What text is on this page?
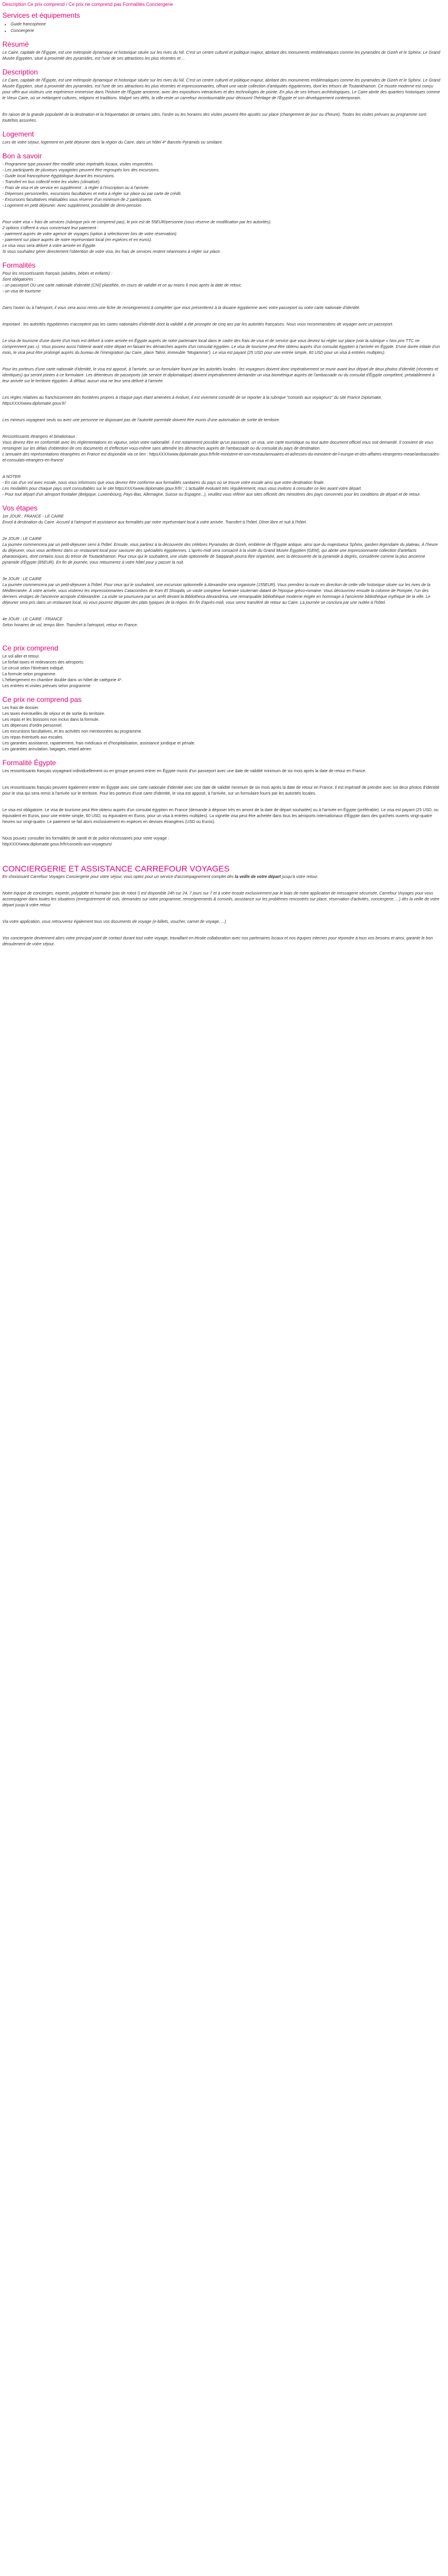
Description Ce prix comprend / Ce prix ne comprend pas Formalités Conciergerie
Services et équipements
• Guide francophone
• Conciergerie
Résumé

Le Caire, capitale de l'Égypte, est une métropole dynamique et historique située sur les rives du Nil. C'est un centre culturel et politique majeur, abritant des monuments emblématiques comme les pyramides de Gizeh et le Sphinx. Le Grand Musée Égyptien, situé à proximité des pyramides, est l'une de ses attractions les plus récentes et ...

Description

Le Caire, capitale de l'Égypte, est une métropole dynamique et historique située sur les rives du Nil. C'est un centre culturel et politique majeur, abritant des monuments emblématiques comme les pyramides de Gizeh et le Sphinx. Le Grand Musée Égyptien, situé à proximité des pyramides, est l'une de ses attractions les plus récentes et impressionnantes, offrant une vaste collection d'antiquités égyptiennes, dont les trésors de Toutankhamon. Ce musée moderne est conçu pour offrir aux visiteurs une expérience immersive dans l'histoire de l'Égypte ancienne, avec des expositions interactives et des technologies de pointe. En plus de ses trésors archéologiques, Le Caire abrite des quartiers historiques comme le Vieux Caire, où se mélangent cultures, religions et traditions. Malgré ses défis, la ville reste un carrefour incontournable pour découvrir l'héritage de l'Égypte et son développement contemporain.

En raison de la grande popularité de la destination et la fréquentation de certains sites, l'ordre ou les horaires des visites peuvent être ajustés sur place (changement de jour ou d'heure). Toutes les visites prévues au programme sont toutefois assurées.

Logement

Lors de votre séjour, logement en petit déjeuner dans la région du Caire, dans un hôtel 4* Barcelo Pyramids ou similaire.

Bon à savoir

- Programme type pouvant être modifié selon impératifs locaux, visites respectées.

- Les participants de plusieurs voyagistes peuvent être regroupés lors des excursions.

- Guide local francophone égyptologue durant les excursions.

- Transfert en bus collectif entre les visites (climatisé).

- Frais de visa et de service en supplément : à régler à l'inscription ou à l'arrivée.

- Dépenses personnelles, excursions facultatives et extra à régler sur place ou par carte de crédit.

- Excursions facultatives réalisables sous réserve d'un minimum de 2 participants.

- Logement en petit déjeuner. Avec supplément, possibilité de demi-pension.

Pour votre visa « frais de services (rubrique prix ne comprend pas), le prix est de 55EUR/personne (sous réserve de modification par les autorités).

2 options s'offrent à vous concernant leur paiement :

- paiement auprès de votre agence de voyages (option à sélectionner lors de votre réservation)

- paiement sur place auprès de notre représentant local (en espèces et en euros).

Le visa vous sera délivré à votre arrivée en Égypte.

Si vous souhaitez gérer directement l'obtention de votre visa, les frais de services restent néanmoins à régler sur place.

Formalités

Pour les ressortissants français (adultes, bébés et enfants) :

Sont obligatoires :

- un passeport OU une carte nationale d'identité (CNI) plastifiée, en cours de validité et ce au moins 6 mois après la date de retour,

- un visa de tourisme

Dans l'avion ou à l'aéroport, il vous sera aussi remis une fiche de renseignement à compléter que vous présenterez à la douane égyptienne avec votre passeport ou votre carte nationale d'identité.

Important : les autorités égyptiennes n'acceptent pas les cartes nationales d'identité dont la validité a été prorogée de cinq ans par les autorités françaises. Nous vous recommandons de voyager avec un passeport.

Le visa de tourisme d'une durée d'un mois est délivré à votre arrivée en Égypte auprès de notre partenaire local dans le cadre des frais de visa et de service que vous devrez lui régler sur place (voir la rubrique « Nos prix TTC ne comprennent pas »). Vous pouvez aussi l'obtenir avant votre départ en faisant les démarches auprès d'un consulat égyptien. Le visa de tourisme peut être obtenu auprès d'un consulat égyptien à l'arrivée en Égypte. D'une durée initiale d'un mois, le visa peut être prolongé auprès du bureau de l'immigration (au Caire, place Tahrir, immeuble "Mogamma"). Le visa est payant (25 USD pour une entrée simple, 60 USD pour un visa à entrées multiples).

Pour les porteurs d'une carte nationale d'identité, le visa est apposé, à l'arrivée, sur un formulaire fourni par les autorités locales : les voyageurs doivent donc impérativement se munir avant leur départ de deux photos d'identité (récentes et identiques) qui seront jointes à ce formulaire. Les détenteurs de passeports (de service et diplomatique) doivent impérativement demander un visa biométrique auprès de l'ambassade ou du consulat d'Égypte compétent, préalablement à leur arrivée sur le territoire égyptien. À défaut, aucun visa ne leur sera délivré à l'arrivée.

Les règles relatives au franchissement des frontières propres à chaque pays étant amenées à évoluer, il est vivement conseillé de se reporter à la rubrique "conseils aux voyageurs" du site France Diplomatie, httpsXXXXwww.diplomatie.gouv.fr/

Les mineurs voyageant seuls ou avec une personne ne disposant pas de l'autorité parentale doivent être munis d'une autorisation de sortie de territoire.

Ressortissants étrangers et binationaux :

Vous devrez être en conformité avec les réglementations en vigueur, selon votre nationalité. Il est notamment possible qu'un passeport, un visa, une carte touristique ou tout autre document officiel vous soit demandé. Il convient de vous renseigner sur les délais d'obtention de ces documents et d'effectuer vous-même sans attendre les démarches auprès de l'ambassade ou du consulat du pays de destination.

L'annuaire des représentations étrangères en France est disponible via ce lien : httpsXXXXwww.diplomatie.gouv.fr/fr/le-ministere-et-son-reseau/annuaires-et-adresses-du-ministere-de-l-europe-et-des-affaires-etrangeres-meae/ambassades-et-consulats-etrangers-en-france/

A NOTER

- En cas d'un vol avec escale, nous vous informons que vous devrez être conforme aux formalités sanitaires du pays où se trouve votre escale ainsi que votre destination finale.

Les modalités pour chaque pays sont consultables sur le site httpsXXXXwww.diplomatie.gouv.fr/fr/ ; L'actualité évoluant très régulièrement, nous vous invitons à consulter ce lien avant votre départ.

- Pour tout départ d'un aéroport frontalier (Belgique, Luxembourg, Pays-Bas, Allemagne, Suisse ou Espagne...), veuillez vous référer aux sites officiels des ministères des pays concernés pour les conditions de départ et de retour.

Vos étapes

1er JOUR : FRANCE - LE CAIRE

Envol à destination du Caire. Accueil à l'aéroport et assistance aux formalités par notre représentant local à votre arrivée. Transfert à l'hôtel. Dîner libre et nuit à l'hôtel.

2e JOUR : LE CAIRE

La journée commencera par un petit-déjeuner servi à l'hôtel. Ensuite, vous partirez à la découverte des célèbres Pyramides de Gizeh, emblème de l'Égypte antique, ainsi que du majestueux Sphinx, gardien légendaire du plateau. À l'heure du déjeuner, vous vous arrêterez dans un restaurant local pour savourer des spécialités égyptiennes. L'après-midi sera consacré à la visite du Grand Musée Égyptien (GEM), qui abrite une impressionnante collection d'artefacts pharaoniques, dont certains issus du trésor de Toutankhamon. Pour ceux qui le souhaitent, une visite optionnelle de Saqqarah pourra être organisée, avec la découverte de la pyramide à degrés, considérée comme la plus ancienne pyramide d'Égypte (85EUR). En fin de journée, vous retournerez à votre hôtel pour y passer la nuit.

3e JOUR : LE CAIRE

La journée commencera par un petit-déjeuner à l'hôtel. Pour ceux qui le souhaitent, une excursion optionnelle à Alexandrie sera organisée (155EUR). Vous prendrez la route en direction de cette ville historique située sur les rives de la Méditerranée. À votre arrivée, vous visiterez les impressionnantes Catacombes de Kom El Shoqafa, un vaste complexe funéraire souterrain datant de l'époque gréco-romaine. Vous découvrirez ensuite la colonne de Pompée, l'un des derniers vestiges de l'ancienne acropole d'Alexandrie. La visite se poursuivra par un arrêt devant la Bibliotheca Alexandrina, une remarquable bibliothèque moderne érigée en hommage à l'ancienne bibliothèque mythique de la ville. Le déjeuner sera pris dans un restaurant local, où vous pourrez déguster des plats typiques de la région. En fin d'après-midi, vous serez transféré de retour au Caire. La journée se conclura par une nuitée à l'hôtel.

4e JOUR : LE CAIRE - FRANCE

Selon horaires de vol, temps libre. Transfert à l'aéroport, retour en France.

Ce prix comprend

Le vol aller et retour.

Le forfait taxes et redevances des aéroports.

Le circuit selon l'itinéraire indiqué.

La formule selon programme.

L'hébergement en chambre double dans un hôtel de catégorie 4*.

Les entrées et visites prévues selon programme

Ce prix ne comprend pas

Les frais de dossier.

Les taxes éventuelles de séjour et de sortie du territoire.

Les repas et les boissons non inclus dans la formule.

Les dépenses d'ordre personnel.

Les excursions facultatives, et les activités non mentionnées au programme.

Les repas éventuels aux escales.

Les garanties assistance, rapatriement, frais médicaux et d'hospitalisation, assistance juridique et pénale.

Les garanties annulation, bagages, retard aérien

Formalité Égypte

Les ressortissants français voyageant individuellement ou en groupe peuvent entrer en Égypte munis d'un passeport avec une date de validité minimum de six mois après la date de retour en France.

Les ressortissants français peuvent également entrer en Égypte avec une carte nationale d'identité avec une date de validité minimum de six mois après la date de retour en France. Il est impératif de prendre avec soi deux photos d'identité pour le visa qui sera remis à l'arrivée sur le territoire. Pour les porteurs d'une carte d'identité, le visa est apposé, à l'arrivée, sur un formulaire fourni par les autorités locales.

Le visa est obligatoire. Le visa de tourisme peut être obtenu auprès d'un consulat égyptien en France (demande à déposer très en amont de la date de départ souhaitée) ou à l'arrivée en Égypte (préférable). Le visa est payant (25 USD, ou équivalent en Euros, pour une entrée simple, 60 USD, ou équivalent en Euros, pour un visa à entrées multiples). La vignette visa peut être achetée dans tous les aéroports internationaux d'Égypte dans des guichets ouverts vingt-quatre heures sur vingt-quatre. Le paiement se fait alors exclusivement en espèces en devises étrangères (USD ou Euros).

Nous pouvez consulter les formalités de santé et de police nécessaires pour votre voyage :

httpXXXXwww.diplomatie.gouv.fr/fr/conseils-aux-voyageurs/

CONCIERGERIE ET ASSISTANCE CARREFOUR VOYAGES

En choisissant Carrefour Voyages Conciergerie pour votre séjour, vous optez pour un service d'accompagnement complet dès la veille de votre départ jusqu'à votre retour.

Notre équipe de concierges, experte, polyglotte et humaine (pas de robot !) est disponible 24h sur 24, 7 jours sur 7 et à votre écoute exclusivement par le biais de notre application de messagerie sécurisée, Carrefour Voyages pour vous accompagner dans toutes les situations (enregistrement de vols, demandes sur votre programme, renseignements & conseils, assistance sur les problèmes rencontrés sur place, réservation d'activités, conciergerie, ...) dès la veille de votre départ jusqu'à votre retour.

Via votre application, vous retrouverez également tous vos documents de voyage (e-billets, voucher, carnet de voyage, ...)

Vos conciergerie deviennent alors votre principal point de contact durant tout votre voyage, travaillant en étroite collaboration avec nos partenaires locaux et nos équipes internes pour répondre à tous vos besoins et ainsi, garantir le bon déroulement de votre séjour.
